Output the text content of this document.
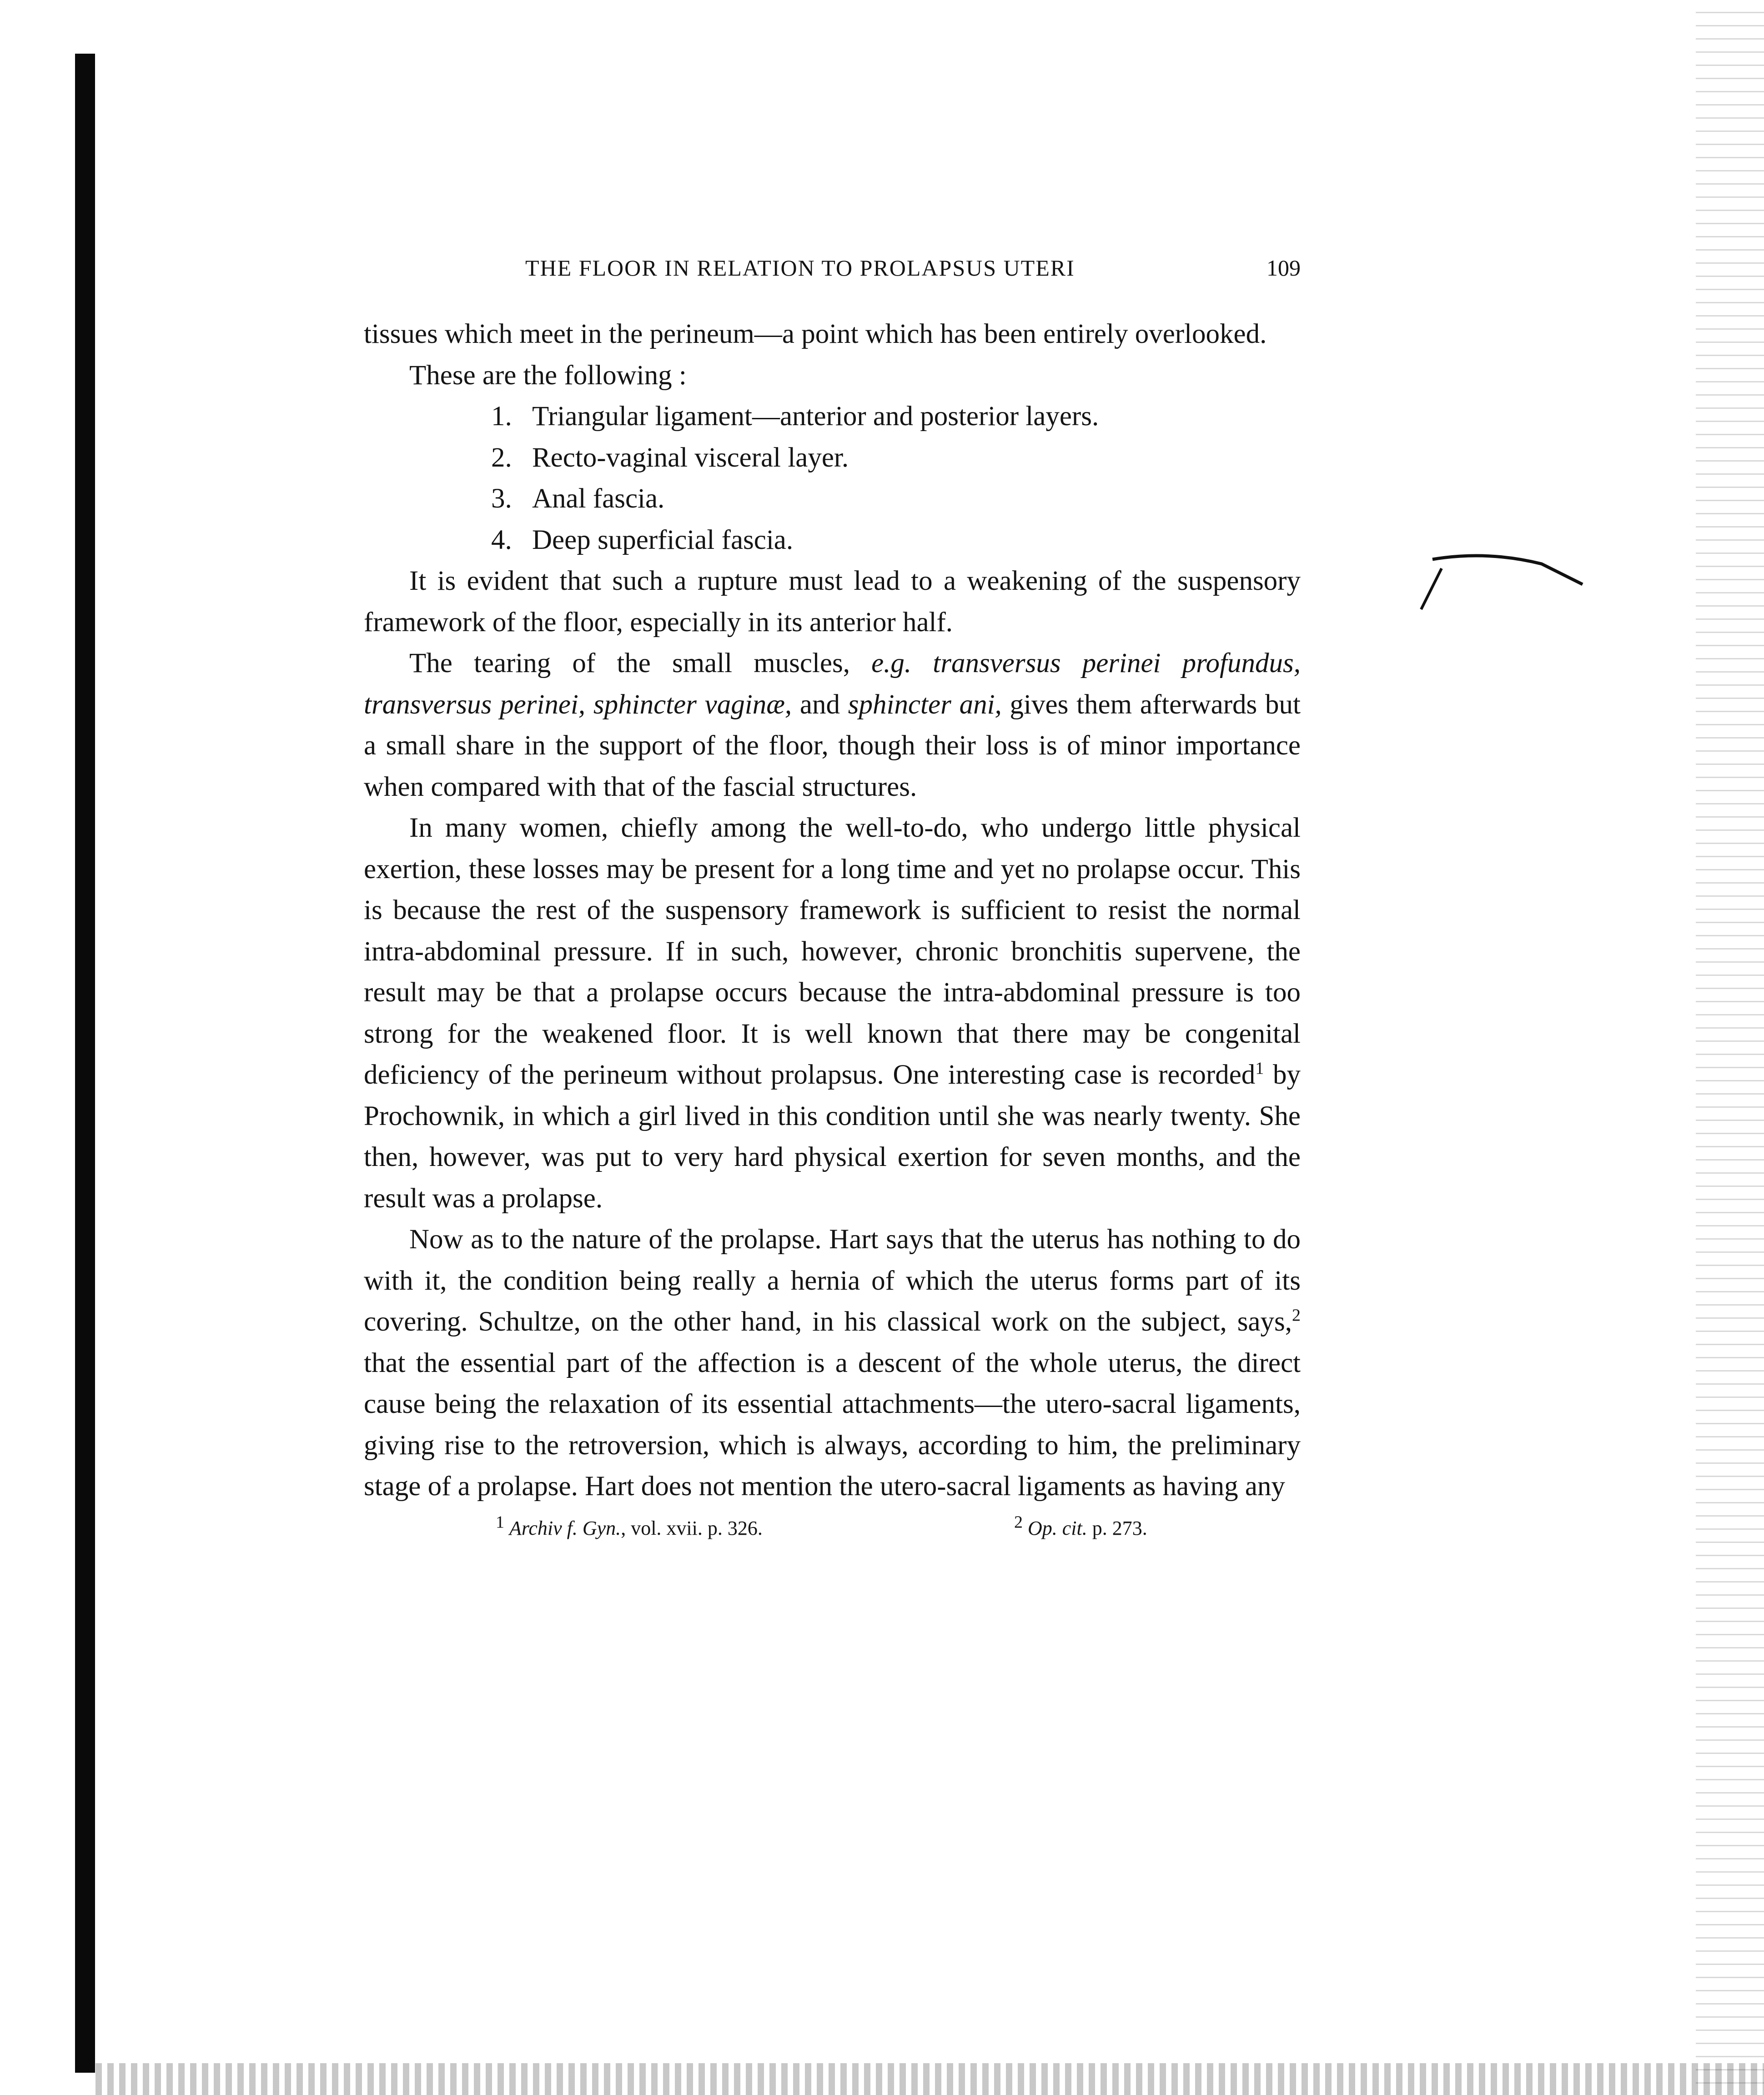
THE FLOOR IN RELATION TO PROLAPSUS UTERI	109

tissues which meet in the perineum—a point which has been entirely overlooked.

These are the following :

1. Triangular ligament—anterior and posterior layers.
2. Recto-vaginal visceral layer.
3. Anal fascia.
4. Deep superficial fascia.

It is evident that such a rupture must lead to a weakening of the suspensory framework of the floor, especially in its anterior half.

The tearing of the small muscles, e.g. transversus perinei profundus, transversus perinei, sphincter vaginæ, and sphincter ani, gives them afterwards but a small share in the support of the floor, though their loss is of minor importance when compared with that of the fascial structures.

In many women, chiefly among the well-to-do, who undergo little physical exertion, these losses may be present for a long time and yet no prolapse occur. This is because the rest of the suspensory framework is sufficient to resist the normal intra-abdominal pressure. If in such, however, chronic bronchitis supervene, the result may be that a prolapse occurs because the intra-abdominal pressure is too strong for the weakened floor. It is well known that there may be congenital deficiency of the perineum without prolapsus. One interesting case is recorded$^1$ by Prochownik, in which a girl lived in this condition until she was nearly twenty. She then, however, was put to very hard physical exertion for seven months, and the result was a prolapse.

Now as to the nature of the prolapse. Hart says that the uterus has nothing to do with it, the condition being really a hernia of which the uterus forms part of its covering. Schultze, on the other hand, in his classical work on the subject, says,$^2$ that the essential part of the affection is a descent of the whole uterus, the direct cause being the relaxation of its essential attachments—the utero-sacral ligaments, giving rise to the retroversion, which is always, according to him, the preliminary stage of a prolapse. Hart does not mention the utero-sacral ligaments as having any

$^1$ Archiv f. Gyn., vol. xvii. p. 326.	$^2$ Op. cit. p. 273.
